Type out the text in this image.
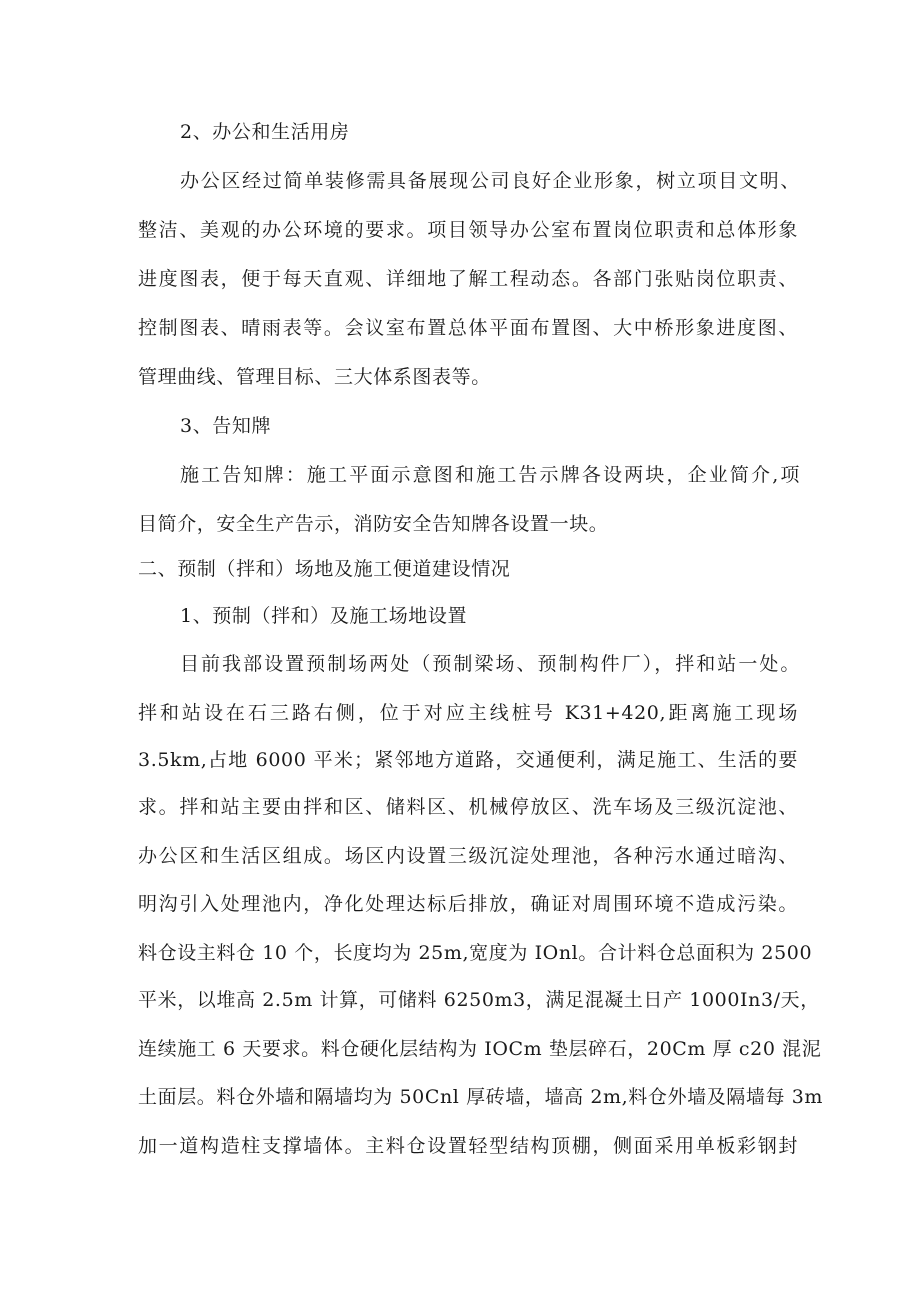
2、办公和生活用房
办公区经过简单装修需具备展现公司良好企业形象，树立项目文明、
整洁、美观的办公环境的要求。项目领导办公室布置岗位职责和总体形象
进度图表，便于每天直观、详细地了解工程动态。各部门张贴岗位职责、
控制图表、晴雨表等。会议室布置总体平面布置图、大中桥形象进度图、
管理曲线、管理目标、三大体系图表等。
3、告知牌
施工告知牌：施工平面示意图和施工告示牌各设两块，企业简介,项
目简介，安全生产告示，消防安全告知牌各设置一块。
二、预制（拌和）场地及施工便道建设情况
1、预制（拌和）及施工场地设置
目前我部设置预制场两处（预制梁场、预制构件厂），拌和站一处。
拌和站设在石三路右侧，位于对应主线桩号 K31+420,距离施工现场
3.5km,占地 6000 平米；紧邻地方道路，交通便利，满足施工、生活的要
求。拌和站主要由拌和区、储料区、机械停放区、洗车场及三级沉淀池、
办公区和生活区组成。场区内设置三级沉淀处理池，各种污水通过暗沟、
明沟引入处理池内，净化处理达标后排放，确证对周围环境不造成污染。
料仓设主料仓 10 个，长度均为 25m,宽度为 IOnl。合计料仓总面积为 2500
平米，以堆高 2.5m 计算，可储料 6250m3，满足混凝土日产 1000In3/天，
连续施工 6 天要求。料仓硬化层结构为 IOCm 垫层碎石，20Cm 厚 c20 混泥
土面层。料仓外墙和隔墙均为 50Cnl 厚砖墙，墙高 2m,料仓外墙及隔墙每 3m
加一道构造柱支撑墙体。主料仓设置轻型结构顶棚，侧面采用单板彩钢封
